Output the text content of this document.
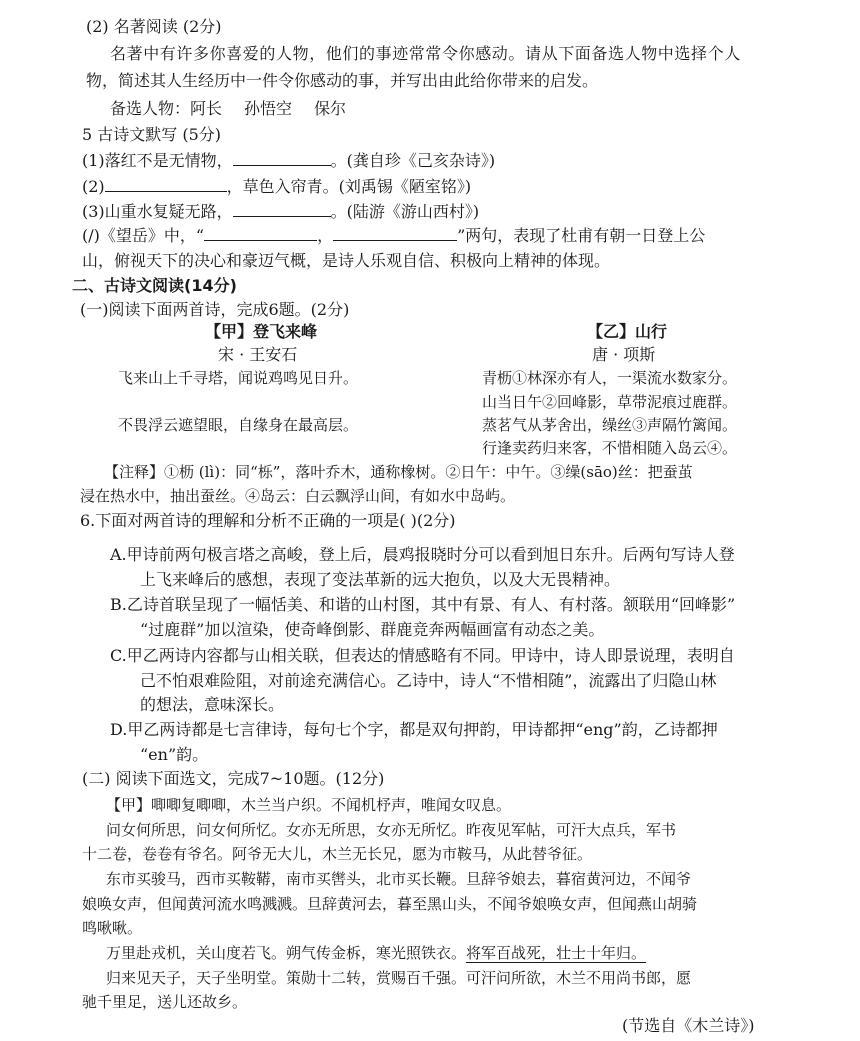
(2) 名著阅读 (2分)
名著中有许多你喜爱的人物，他们的事迹常常令你感动。请从下面备选人物中选择个人
物，简述其人生经历中一件令你感动的事，并写出由此给你带来的启发。
备选人物：阿长 孙悟空 保尔
5 古诗文默写 (5分)
(1)落红不是无情物，	。(龚自珍《己亥杂诗》)
(2)	，草色入帘青。(刘禹锡《陋室铭》)
(3)山重水复疑无路，	。(陆游《游山西村》)
(/)《望岳》中，“	，	”两句，表现了杜甫有朝一日登上公
山，俯视天下的决心和豪迈气概，是诗人乐观自信、积极向上精神的体现。
二、古诗文阅读(14分)
(一)阅读下面两首诗，完成6题。(2分)
【甲】登飞来峰
宋 · 王安石
飞来山上千寻塔，闻说鸡鸣见日升。
不畏浮云遮望眼，自缘身在最高层。
【乙】山行
唐 · 项斯
青枥①林深亦有人，一渠流水数家分。
山当日午②回峰影，草带泥痕过鹿群。
蒸茗气从茅舍出，缲丝③声隔竹篱闻。
行逢卖药归来客，不惜相随入岛云④。
【注释】①枥 (lì)：同“栎”，落叶乔木，通称橡树。②日午：中午。③缲(sāo)丝：把蚕茧
浸在热水中，抽出蚕丝。④岛云：白云飘浮山间，有如水中岛屿。
6.下面对两首诗的理解和分析不正确的一项是( )(2分)
A.甲诗前两句极言塔之高峻，登上后，晨鸡报晓时分可以看到旭日东升。后两句写诗人登
上飞来峰后的感想，表现了变法革新的远大抱负，以及大无畏精神。
B.乙诗首联呈现了一幅恬美、和谐的山村图，其中有景、有人、有村落。颔联用“回峰影”
“过鹿群”加以渲染，使奇峰倒影、群鹿竞奔两幅画富有动态之美。
C.甲乙两诗内容都与山相关联，但表达的情感略有不同。甲诗中，诗人即景说理，表明自
己不怕艰难险阻，对前途充满信心。乙诗中，诗人“不惜相随”，流露出了归隐山林
的想法，意味深长。
D.甲乙两诗都是七言律诗，每句七个字，都是双句押韵，甲诗都押“eng”韵，乙诗都押
“en”韵。
(二) 阅读下面选文，完成7~10题。(12分)
【甲】唧唧复唧唧，木兰当户织。不闻机杼声，唯闻女叹息。
问女何所思，问女何所忆。女亦无所思，女亦无所忆。昨夜见军帖，可汗大点兵，军书
十二卷，卷卷有爷名。阿爷无大儿，木兰无长兄，愿为市鞍马，从此替爷征。
东市买骏马，西市买鞍鞯，南市买辔头，北市买长鞭。旦辞爷娘去，暮宿黄河边，不闻爷
娘唤女声，但闻黄河流水鸣溅溅。旦辞黄河去，暮至黑山头，不闻爷娘唤女声，但闻燕山胡骑
鸣啾啾。
万里赴戎机，关山度若飞。朔气传金柝，寒光照铁衣。将军百战死，壮士十年归。
归来见天子，天子坐明堂。策勋十二转，赏赐百千强。可汗问所欲，木兰不用尚书郎，愿
驰千里足，送儿还故乡。
(节选自《木兰诗》)
